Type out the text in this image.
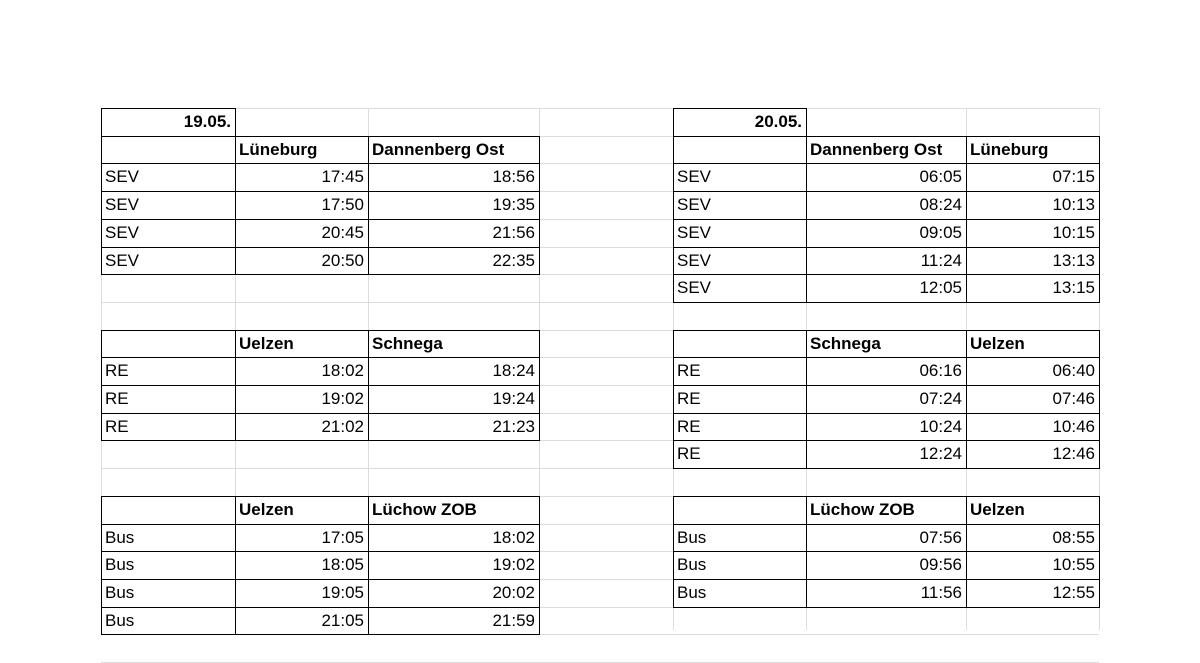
19.05.
Lüneburg	Dannenberg Ost
SEV	17:45	18:56
SEV	17:50	19:35
SEV	20:45	21:56
SEV	20:50	22:35
Uelzen	Schnega
RE	18:02	18:24
RE	19:02	19:24
RE	21:02	21:23
Uelzen	Lüchow ZOB
Bus	17:05	18:02
Bus	18:05	19:02
Bus	19:05	20:02
Bus	21:05	21:59
20.05.
Dannenberg Ost	Lüneburg
SEV	06:05	07:15
SEV	08:24	10:13
SEV	09:05	10:15
SEV	11:24	13:13
SEV	12:05	13:15
Schnega	Uelzen
RE	06:16	06:40
RE	07:24	07:46
RE	10:24	10:46
RE	12:24	12:46
Lüchow ZOB	Uelzen
Bus	07:56	08:55
Bus	09:56	10:55
Bus	11:56	12:55
